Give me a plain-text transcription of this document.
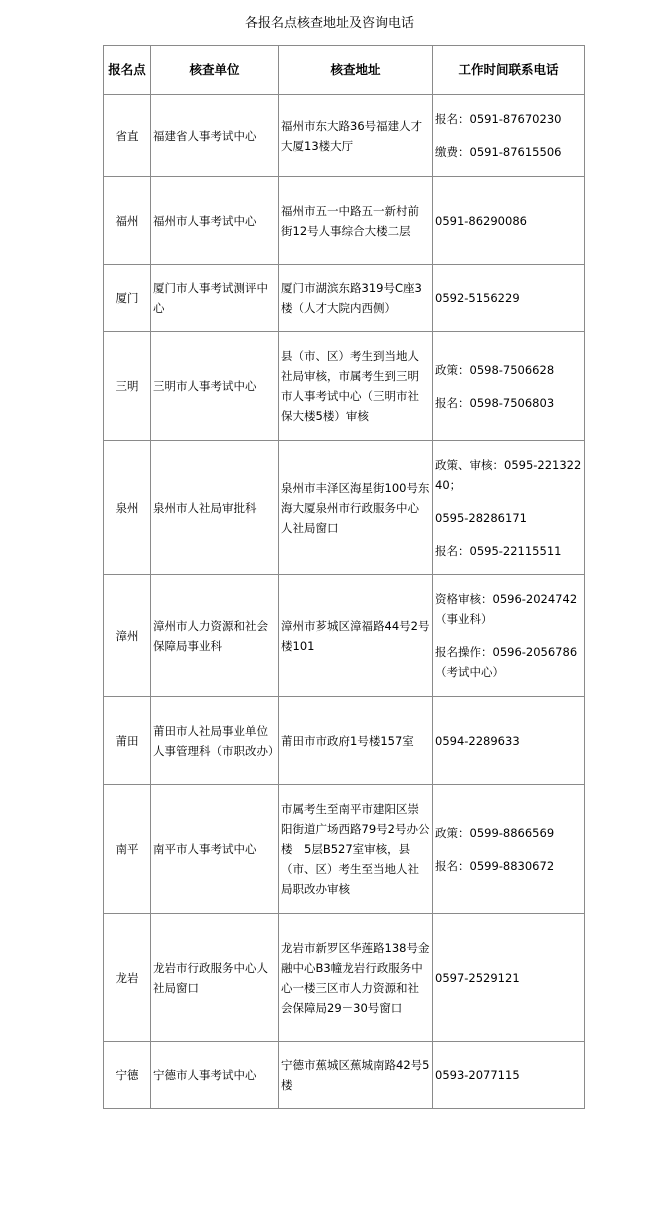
各报名点核查地址及咨询电话
报名点	核查单位	核查地址	工作时间联系电话
省直	福建省人事考试中心	福州市东大路36号福建人才大厦13楼大厅	报名：0591-87670230
缴费：0591-87615506

福州	福州市人事考试中心	福州市五一中路五一新村前街12号人事综合大楼二层	0591-86290086

厦门	厦门市人事考试测评中心	厦门市湖滨东路319号C座3楼（人才大院内西侧）	0592-5156229

三明	三明市人事考试中心	县（市、区）考生到当地人社局审核，市属考生到三明市人事考试中心（三明市社保大楼5楼）审核	政策：0598-7506628
报名：0598-7506803

泉州	泉州市人社局审批科	泉州市丰泽区海星街100号东海大厦泉州市行政服务中心人社局窗口	政策、审核：0595-22132240；
0595-28286171
报名：0595-22115511

漳州	漳州市人力资源和社会保障局事业科	漳州市芗城区漳福路44号2号楼101	资格审核：0596-2024742（事业科）
报名操作：0596-2056786（考试中心）

莆田	莆田市人社局事业单位人事管理科（市职改办）	莆田市市政府1号楼157室	0594-2289633

南平	南平市人事考试中心	市属考生至南平市建阳区崇阳街道广场西路79号2号办公楼　5层B527室审核，县（市、区）考生至当地人社局职改办审核	政策：0599-8866569
报名：0599-8830672

龙岩	龙岩市行政服务中心人社局窗口	龙岩市新罗区华莲路138号金融中心B3幢龙岩行政服务中心一楼三区市人力资源和社会保障局29－30号窗口	0597-2529121

宁德	宁德市人事考试中心	宁德市蕉城区蕉城南路42号5楼	0593-2077115
